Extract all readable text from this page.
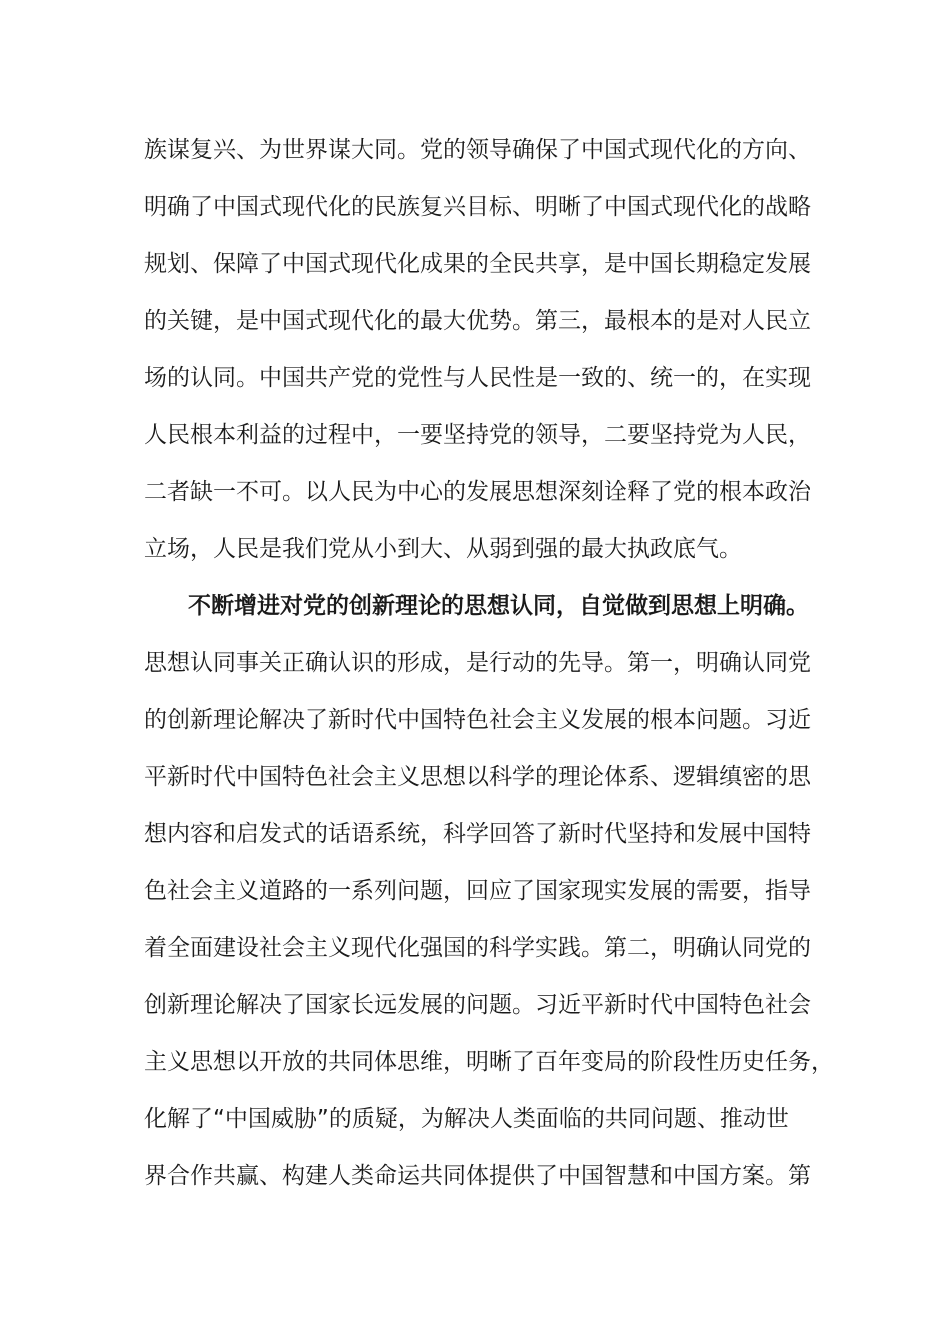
族谋复兴、为世界谋大同。党的领导确保了中国式现代化的方向、
明确了中国式现代化的民族复兴目标、明晰了中国式现代化的战略
规划、保障了中国式现代化成果的全民共享，是中国长期稳定发展
的关键，是中国式现代化的最大优势。第三，最根本的是对人民立
场的认同。中国共产党的党性与人民性是一致的、统一的，在实现
人民根本利益的过程中，一要坚持党的领导，二要坚持党为人民，
二者缺一不可。以人民为中心的发展思想深刻诠释了党的根本政治
立场，人民是我们党从小到大、从弱到强的最大执政底气。
不断增进对党的创新理论的思想认同，自觉做到思想上明确。
思想认同事关正确认识的形成，是行动的先导。第一，明确认同党
的创新理论解决了新时代中国特色社会主义发展的根本问题。习近
平新时代中国特色社会主义思想以科学的理论体系、逻辑缜密的思
想内容和启发式的话语系统，科学回答了新时代坚持和发展中国特
色社会主义道路的一系列问题，回应了国家现实发展的需要，指导
着全面建设社会主义现代化强国的科学实践。第二，明确认同党的
创新理论解决了国家长远发展的问题。习近平新时代中国特色社会
主义思想以开放的共同体思维，明晰了百年变局的阶段性历史任务，
化解了“中国威胁”的质疑，为解决人类面临的共同问题、推动世
界合作共赢、构建人类命运共同体提供了中国智慧和中国方案。第
